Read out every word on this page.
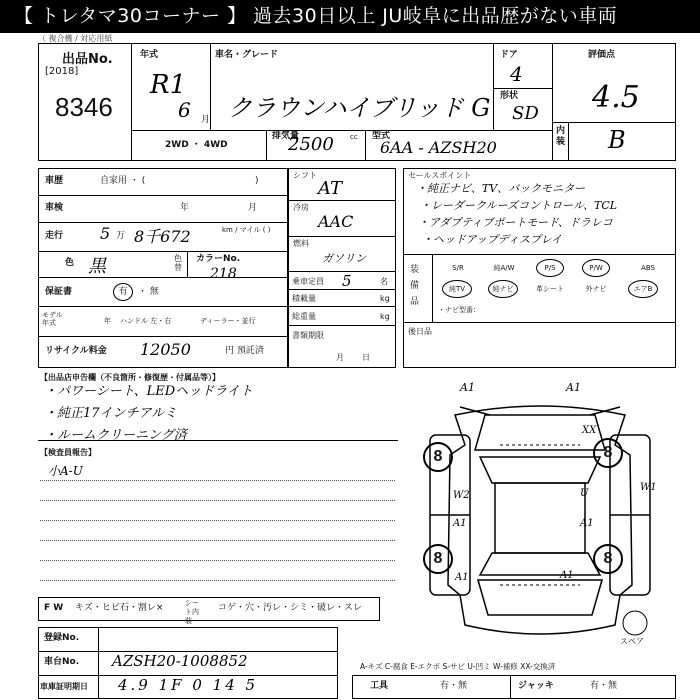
【 トレタマ30コーナー 】 過去30日以上 JU岐阜に出品歴がない車両
（ 複合機 / 対応用紙
出品No.
[2018]
8346
年式
R1
6 月
車名・グレード
クラウンハイブリッド G
ドア
4
形状
SD
評価点
4.5
内装 B
2WD ・ 4WD
排気量
2500 cc 型式
6AA - AZSH20
車歴	自家用 ・ (	)
車検	年	月
走行 5 万 8千672	km / マイル ( )
色 黒	色替
カラーNo.
218
保証書	有	・ 無
モデル年式	年 ハンドル 左・右	ディーラー・並行
リサイクル料金 12050	円 預託済
シフト
AT
冷房
AAC
燃料
ガソリン
乗車定員 5	名
積載量	kg
総重量	kg
書類期限
月日
セールスポイント
・純正ナビ、TV、バックモニター
・レーダークルーズコントロール、TCL
・アダプティブポートモード、ドラレコ
・ヘッドアップディスプレイ
装備品
S/R	純A/W	P/S	P/W	ABS
純TV	純ナビ	革シート	外ナビ	エアB
・ナビ型番：
後日品
【出品店申告欄（不良箇所・修復歴・付属品等）】
・パワーシート、LEDヘッドライト
・純正17インチアルミ
・ルームクリーニング済
【検査員報告】
小A-U
F W キズ・ヒビ石・割レ×	シート内装
コゲ・穴・汚レ・シミ・破レ・スレ
登録No.
車台No. AZSH20-1008852
車庫証明期日 4.9 1F 0 14 5	工具	有・無	ジャッキ	有・無
A-キズ C-腐食 E-エクボ S-サビ U-凹ミ W-補修 XX-交換済
スペア
8	8
8	8
A1	A1
XX
W1
U
W2
A1	A1
A1	A1
